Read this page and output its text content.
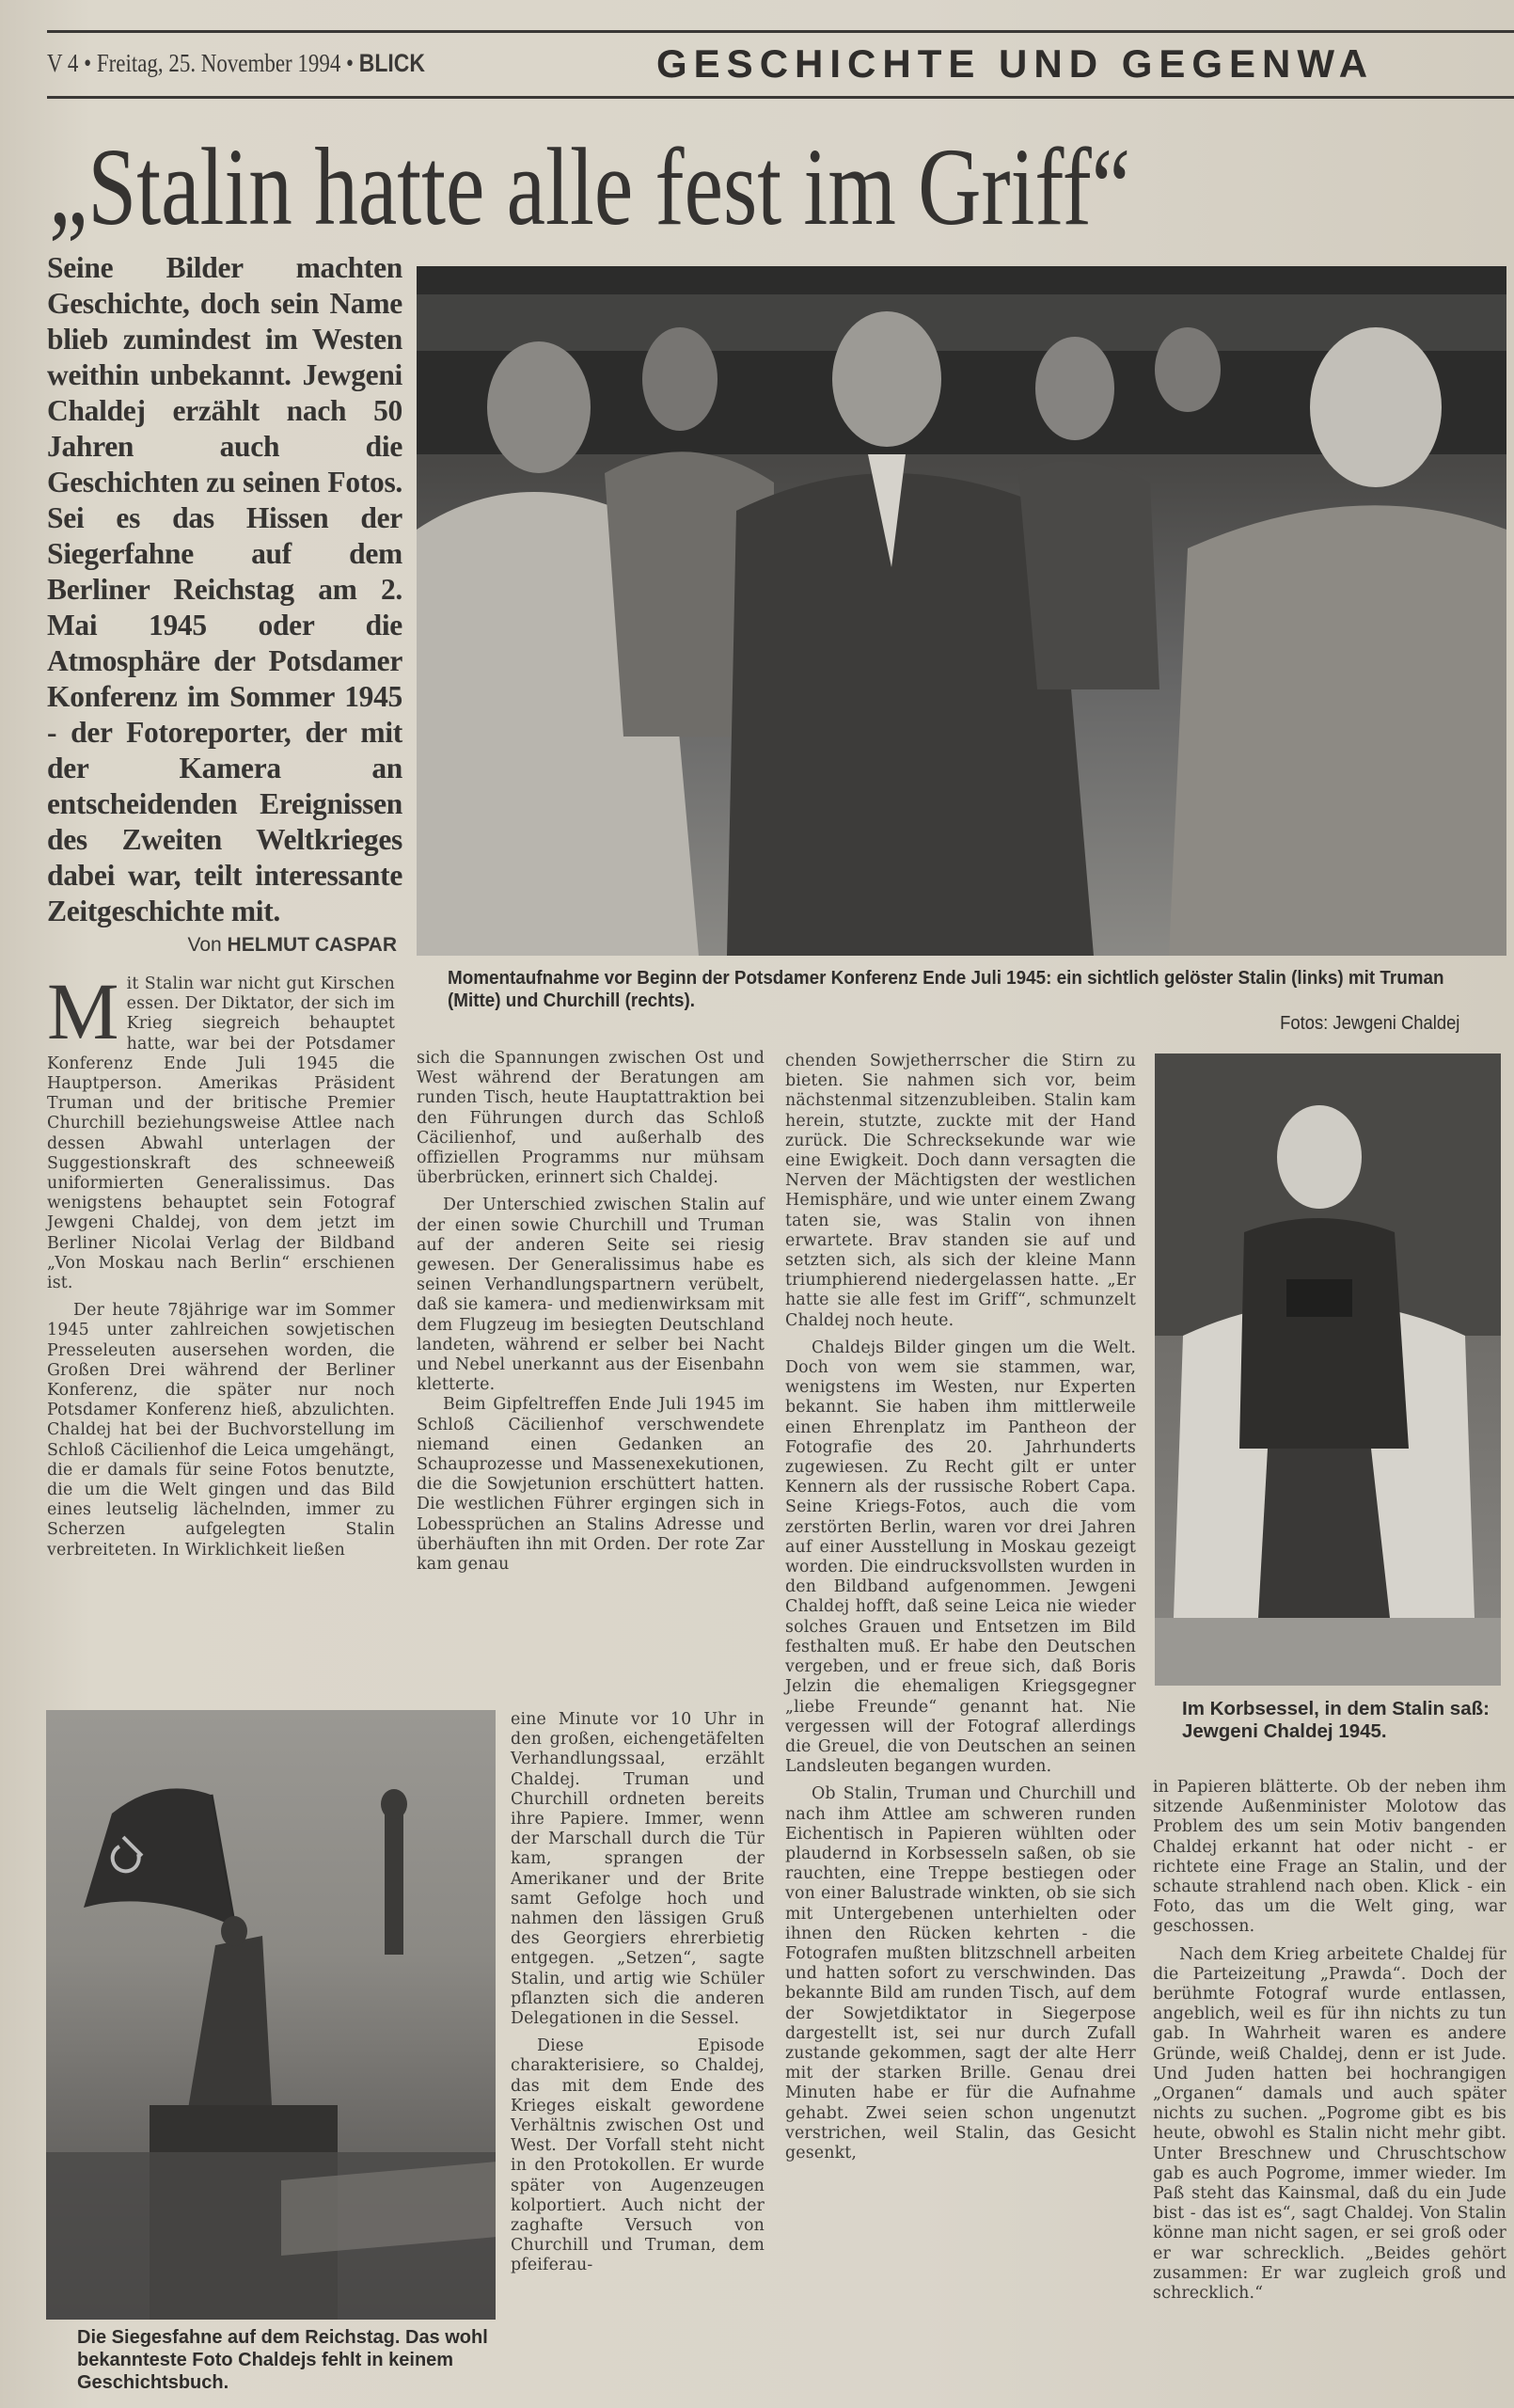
V 4 • Freitag, 25. November 1994 • BLICK	GESCHICHTE UND GEGENWA
„Stalin hatte alle fest im Griff“
Seine Bilder machten Geschichte, doch sein Name blieb zumindest im Westen weithin unbekannt. Jewgeni Chaldej erzählt nach 50 Jahren auch die Geschichten zu seinen Fotos. Sei es das Hissen der Siegerfahne auf dem Berliner Reichstag am 2. Mai 1945 oder die Atmosphäre der Potsdamer Konferenz im Sommer 1945 - der Fotoreporter, der mit der Kamera an entscheidenden Ereignissen des Zweiten Weltkrieges dabei war, teilt interessante Zeitgeschichte mit.
Von HELMUT CASPAR
M it Stalin war nicht gut Kirschen essen. Der Diktator, der sich im Krieg siegreich behauptet hatte, war bei der Potsdamer Konferenz Ende Juli 1945 die Hauptperson. Amerikas Präsident Truman und der britische Premier Churchill beziehungsweise Attlee nach dessen Abwahl unterlagen der Suggestionskraft des schneeweiß uniformierten Generalissimus. Das wenigstens behauptet sein Fotograf Jewgeni Chaldej, von dem jetzt im Berliner Nicolai Verlag der Bildband „Von Moskau nach Berlin“ erschienen ist.

Der heute 78jährige war im Sommer 1945 unter zahlreichen sowjetischen Presseleuten ausersehen worden, die Großen Drei während der Berliner Konferenz, die später nur noch Potsdamer Konferenz hieß, abzulichten. Chaldej hat bei der Buchvorstellung im Schloß Cäcilienhof die Leica umgehängt, die er damals für seine Fotos benutzte, die um die Welt gingen und das Bild eines leutselig lächelnden, immer zu Scherzen aufgelegten Stalin verbreiteten. In Wirklichkeit ließen

Momentaufnahme vor Beginn der Potsdamer Konferenz Ende Juli 1945: ein sichtlich gelöster Stalin (links) mit Truman (Mitte) und Churchill (rechts).
Fotos: Jewgeni Chaldej

sich die Spannungen zwischen Ost und West während der Beratungen am runden Tisch, heute Hauptattraktion bei den Führungen durch das Schloß Cäcilienhof, und außerhalb des offiziellen Programms nur mühsam überbrücken, erinnert sich Chaldej.

Der Unterschied zwischen Stalin auf der einen sowie Churchill und Truman auf der anderen Seite sei riesig gewesen. Der Generalissimus habe es seinen Verhandlungspartnern verübelt, daß sie kamera- und medienwirksam mit dem Flugzeug im besiegten Deutschland landeten, während er selber bei Nacht und Nebel unerkannt aus der Eisenbahn kletterte.

Beim Gipfeltreffen Ende Juli 1945 im Schloß Cäcilienhof verschwendete niemand einen Gedanken an Schauprozesse und Massenexekutionen, die die Sowjetunion erschüttert hatten. Die westlichen Führer ergingen sich in Lobessprüchen an Stalins Adresse und überhäuften ihn mit Orden. Der rote Zar kam genau

eine Minute vor 10 Uhr in den großen, eichengetäfelten Verhandlungssaal, erzählt Chaldej. Truman und Churchill ordneten bereits ihre Papiere. Immer, wenn der Marschall durch die Tür kam, sprangen der Amerikaner und der Brite samt Gefolge hoch und nahmen den lässigen Gruß des Georgiers ehrerbietig entgegen. „Setzen“, sagte Stalin, und artig wie Schüler pflanzten sich die anderen Delegationen in die Sessel.

Diese Episode charakterisiere, so Chaldej, das mit dem Ende des Krieges eiskalt gewordene Verhältnis zwischen Ost und West. Der Vorfall steht nicht in den Protokollen. Er wurde später von Augenzeugen kolportiert. Auch nicht der zaghafte Versuch von Churchill und Truman, dem pfeiferau-

Die Siegesfahne auf dem Reichstag. Das wohl bekannteste Foto Chaldejs fehlt in keinem Geschichtsbuch.

chenden Sowjetherrscher die Stirn zu bieten. Sie nahmen sich vor, beim nächstenmal sitzenzubleiben. Stalin kam herein, stutzte, zuckte mit der Hand zurück. Die Schrecksekunde war wie eine Ewigkeit. Doch dann versagten die Nerven der Mächtigsten der westlichen Hemisphäre, und wie unter einem Zwang taten sie, was Stalin von ihnen erwartete. Brav standen sie auf und setzten sich, als sich der kleine Mann triumphierend niedergelassen hatte. „Er hatte sie alle fest im Griff“, schmunzelt Chaldej noch heute.

Chaldejs Bilder gingen um die Welt. Doch von wem sie stammen, war, wenigstens im Westen, nur Experten bekannt. Sie haben ihm mittlerweile einen Ehrenplatz im Pantheon der Fotografie des 20. Jahrhunderts zugewiesen. Zu Recht gilt er unter Kennern als der russische Robert Capa. Seine Kriegs-Fotos, auch die vom zerstörten Berlin, waren vor drei Jahren auf einer Ausstellung in Moskau gezeigt worden. Die eindrucksvollsten wurden in den Bildband aufgenommen. Jewgeni Chaldej hofft, daß seine Leica nie wieder solches Grauen und Entsetzen im Bild festhalten muß. Er habe den Deutschen vergeben, und er freue sich, daß Boris Jelzin die ehemaligen Kriegsgegner „liebe Freunde“ genannt hat. Nie vergessen will der Fotograf allerdings die Greuel, die von Deutschen an seinen Landsleuten begangen wurden.

Ob Stalin, Truman und Churchill und nach ihm Attlee am schweren runden Eichentisch in Papieren wühlten oder plaudernd in Korbsesseln saßen, ob sie rauchten, eine Treppe bestiegen oder von einer Balustrade winkten, ob sie sich mit Untergebenen unterhielten oder ihnen den Rücken kehrten - die Fotografen mußten blitzschnell arbeiten und hatten sofort zu verschwinden. Das bekannte Bild am runden Tisch, auf dem der Sowjetdiktator in Siegerpose dargestellt ist, sei nur durch Zufall zustande gekommen, sagt der alte Herr mit der starken Brille. Genau drei Minuten habe er für die Aufnahme gehabt. Zwei seien schon ungenutzt verstrichen, weil Stalin, das Gesicht gesenkt,

Im Korbsessel, in dem Stalin saß: Jewgeni Chaldej 1945.

in Papieren blätterte. Ob der neben ihm sitzende Außenminister Molotow das Problem des um sein Motiv bangenden Chaldej erkannt hat oder nicht - er richtete eine Frage an Stalin, und der schaute strahlend nach oben. Klick - ein Foto, das um die Welt ging, war geschossen.

Nach dem Krieg arbeitete Chaldej für die Parteizeitung „Prawda“. Doch der berühmte Fotograf wurde entlassen, angeblich, weil es für ihn nichts zu tun gab. In Wahrheit waren es andere Gründe, weiß Chaldej, denn er ist Jude. Und Juden hatten bei hochrangigen „Organen“ damals und auch später nichts zu suchen. „Pogrome gibt es bis heute, obwohl es Stalin nicht mehr gibt. Unter Breschnew und Chruschtschow gab es auch Pogrome, immer wieder. Im Paß steht das Kainsmal, daß du ein Jude bist - das ist es“, sagt Chaldej. Von Stalin könne man nicht sagen, er sei groß oder er war schrecklich. „Beides gehört zusammen: Er war zugleich groß und schrecklich.“
